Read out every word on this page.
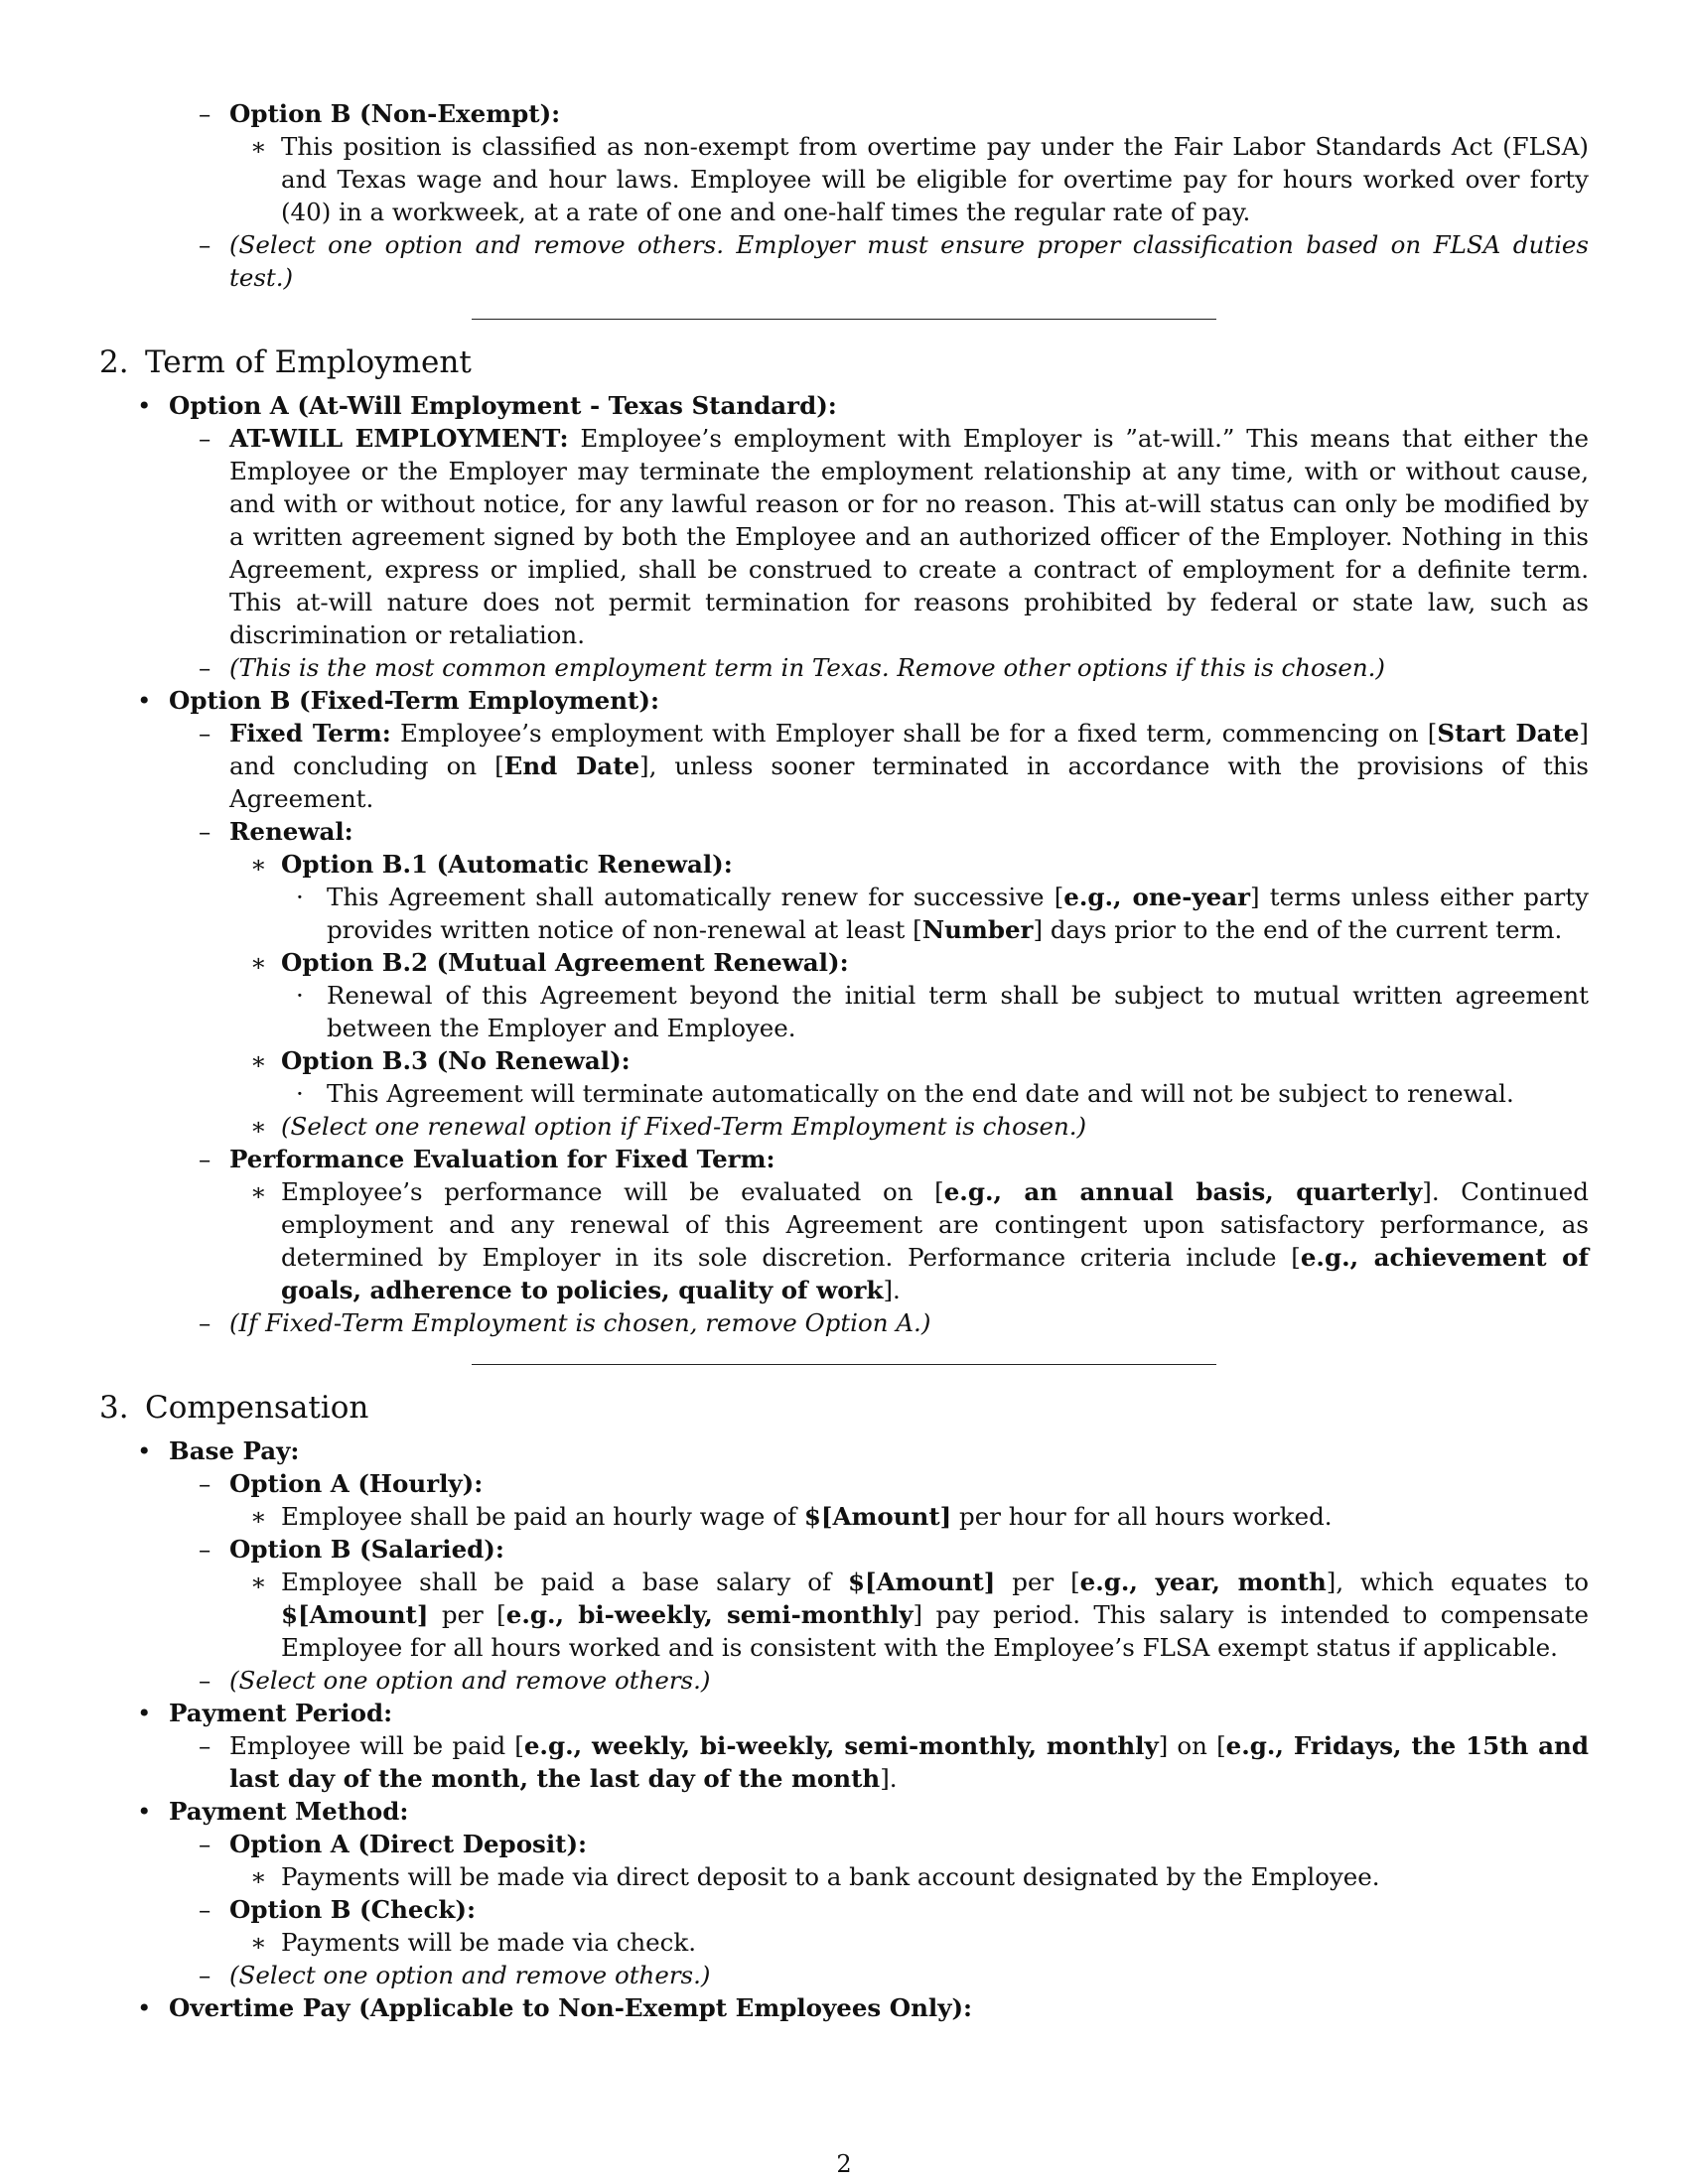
– Option B (Non-Exempt):
∗ This position is classified as non-exempt from overtime pay under the Fair Labor Standards Act (FLSA) and Texas wage and hour laws. Employee will be eligible for overtime pay for hours worked over forty (40) in a workweek, at a rate of one and one-half times the regular rate of pay.
– (Select one option and remove others. Employer must ensure proper classification based on FLSA duties test.)
2. Term of Employment
• Option A (At-Will Employment - Texas Standard):
– AT-WILL EMPLOYMENT: Employee’s employment with Employer is ”at-will.” This means that either the Employee or the Employer may terminate the employment relationship at any time, with or without cause, and with or without notice, for any lawful reason or for no reason. This at-will status can only be modified by a written agreement signed by both the Employee and an authorized officer of the Employer. Nothing in this Agreement, express or implied, shall be construed to create a contract of employment for a definite term. This at-will nature does not permit termination for reasons prohibited by federal or state law, such as discrimination or retaliation.
– (This is the most common employment term in Texas. Remove other options if this is chosen.)
• Option B (Fixed-Term Employment):
– Fixed Term: Employee’s employment with Employer shall be for a fixed term, commencing on [Start Date] and concluding on [End Date], unless sooner terminated in accordance with the provisions of this Agreement.
– Renewal:
∗ Option B.1 (Automatic Renewal):
· This Agreement shall automatically renew for successive [e.g., one-year] terms unless either party provides written notice of non-renewal at least [Number] days prior to the end of the current term.
∗ Option B.2 (Mutual Agreement Renewal):
· Renewal of this Agreement beyond the initial term shall be subject to mutual written agreement between the Employer and Employee.
∗ Option B.3 (No Renewal):
· This Agreement will terminate automatically on the end date and will not be subject to renewal.
∗ (Select one renewal option if Fixed-Term Employment is chosen.)
– Performance Evaluation for Fixed Term:
∗ Employee’s performance will be evaluated on [e.g., an annual basis, quarterly]. Continued employment and any renewal of this Agreement are contingent upon satisfactory performance, as determined by Employer in its sole discretion. Performance criteria include [e.g., achievement of goals, adherence to policies, quality of work].
– (If Fixed-Term Employment is chosen, remove Option A.)
3. Compensation
• Base Pay:
– Option A (Hourly):
∗ Employee shall be paid an hourly wage of $[Amount] per hour for all hours worked.
– Option B (Salaried):
∗ Employee shall be paid a base salary of $[Amount] per [e.g., year, month], which equates to $[Amount] per [e.g., bi-weekly, semi-monthly] pay period. This salary is intended to compensate Employee for all hours worked and is consistent with the Employee’s FLSA exempt status if applicable.
– (Select one option and remove others.)
• Payment Period:
– Employee will be paid [e.g., weekly, bi-weekly, semi-monthly, monthly] on [e.g., Fridays, the 15th and last day of the month, the last day of the month].
• Payment Method:
– Option A (Direct Deposit):
∗ Payments will be made via direct deposit to a bank account designated by the Employee.
– Option B (Check):
∗ Payments will be made via check.
– (Select one option and remove others.)
• Overtime Pay (Applicable to Non-Exempt Employees Only):
2
